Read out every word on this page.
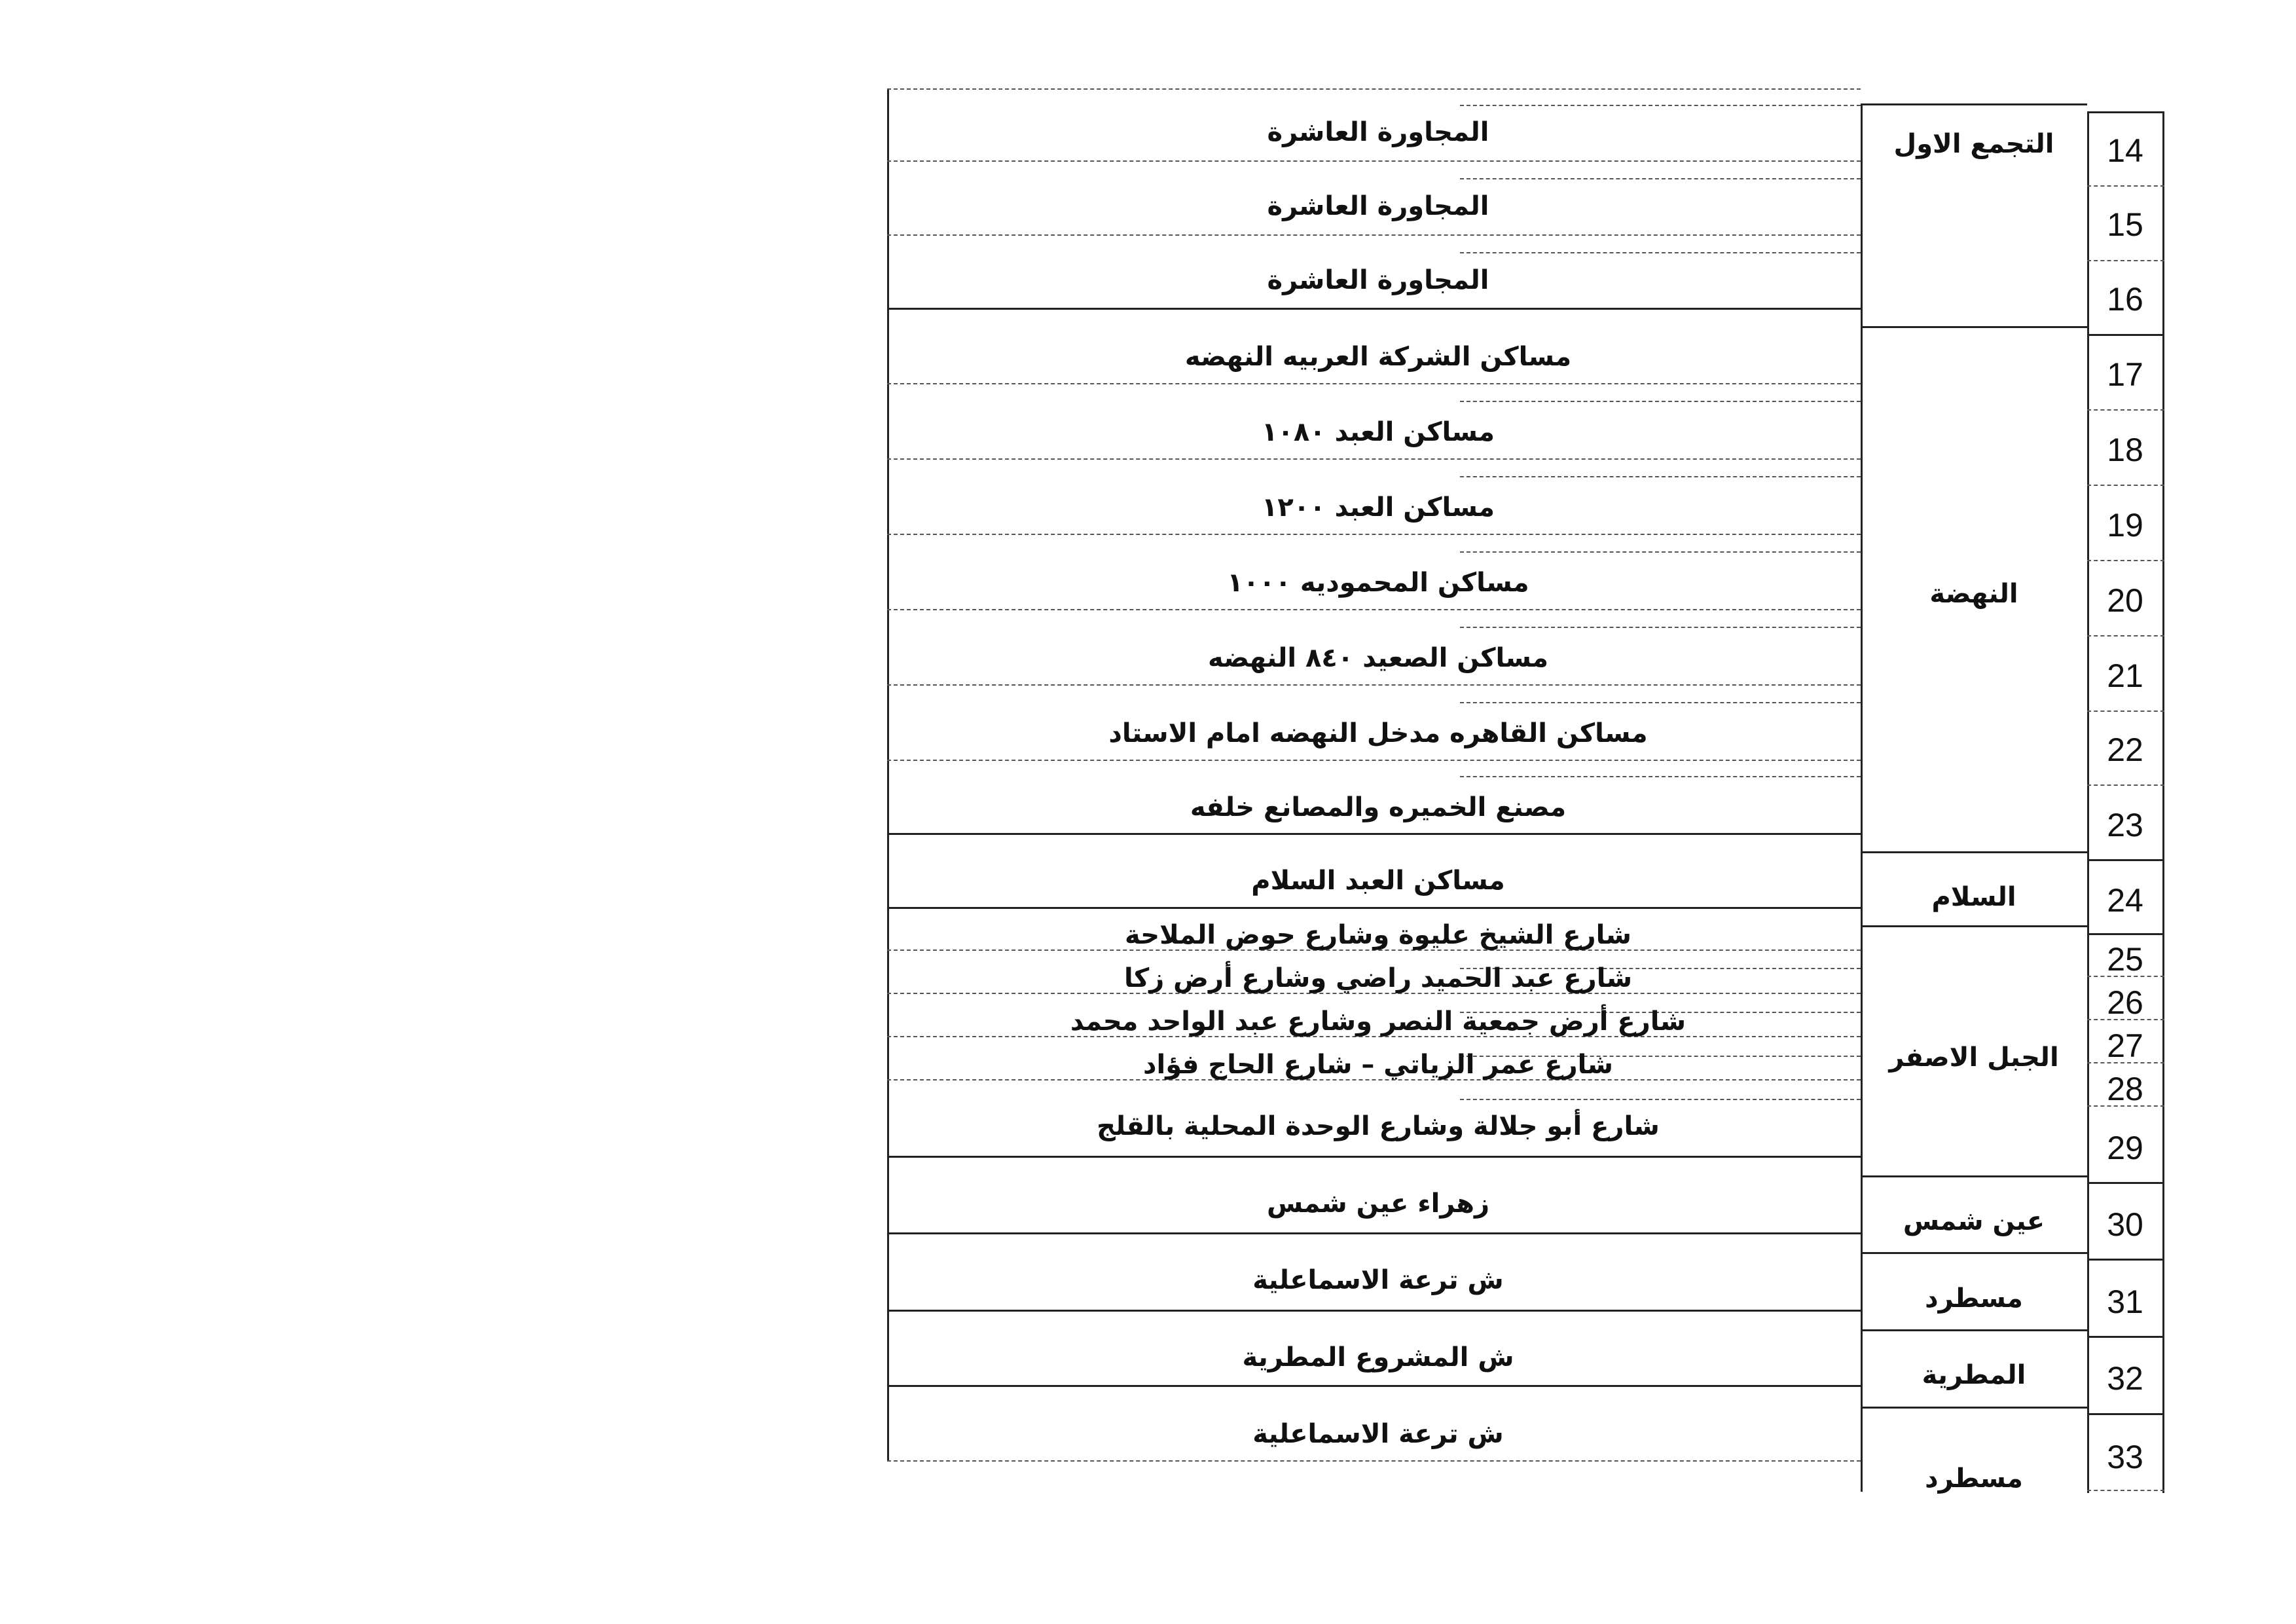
14
15
16
17
18
19
20
21
22
23
24
25
26
27
28
29
30
31
32
33
التجمع الاول
النهضة
السلام
الجبل الاصفر
عين شمس
مسطرد
المطرية
مسطرد
المجاورة العاشرة
المجاورة العاشرة
المجاورة العاشرة
مساكن الشركة العربيه النهضه
مساكن العبد ١٠٨٠
مساكن العبد ١٢٠٠
مساكن المحموديه ١٠٠٠
مساكن الصعيد ٨٤٠ النهضه
مساكن القاهره مدخل النهضه امام الاستاد
مصنع الخميره والمصانع خلفه
مساكن العبد السلام
شارع الشيخ عليوة وشارع حوض الملاحة
شارع عبد الحميد راضي وشارع أرض زكا
شارع أرض جمعية النصر وشارع عبد الواحد محمد
شارع عمر الزياتي – شارع الحاج فؤاد
شارع أبو جلالة وشارع الوحدة المحلية بالقلج
زهراء عين شمس
ش ترعة الاسماعلية
ش المشروع المطرية
ش ترعة الاسماعلية
